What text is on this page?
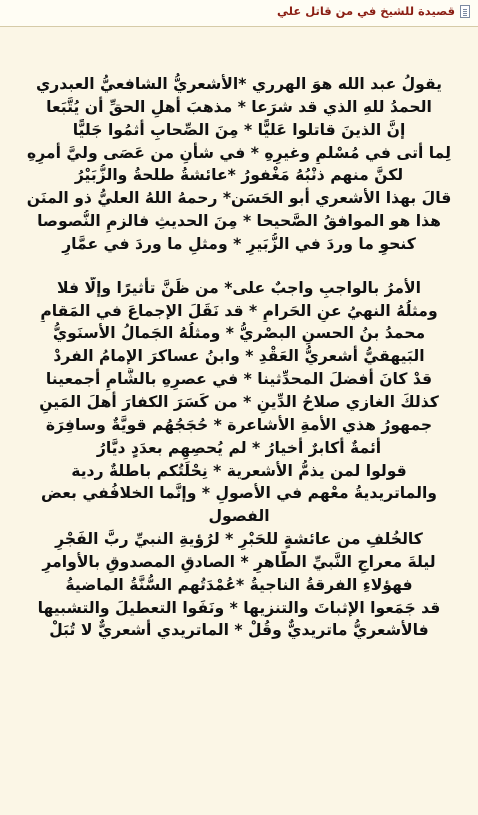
قصيدة للشيخ في من قاتل علي
يقولُ عبد الله هوَ الهرري *الأشعريُّ الشافعيُّ العبدري
الحمدُ للهِ الذي قد شرَعا * مذهبَ أهلِ الحقِّ أن يُتَّبَعا
إنَّ الذينَ قاتلوا عَليًّا * مِنَ الصِّحابِ أثمُوا جَليًّا
لِما أتى في مُسْلمٍ وغيرِهِ * في شأنِ من عَصَى وليَّ أمرِهِ
لكنَّ منهم ذنْبُهُ مَغْفورُ *عائشةُ طلحةُ والزُّبَيْرُ
قالَ بهذا الأشعري أبو الحَسَن* رحمهُ اللهُ العليُّ ذو المنَن
هذا هو الموافقُ الصَّحيحا * مِنَ الحديثِ فالزمِ النُّصوصا
كنحوِ ما وردَ في الزُّبَيرِ * ومثلِ ما وردَ في عمَّارِ
الأمرُ بالواجبِ واجبٌ على* من ظَنَّ تأثيرًا وإلَّا فلا
ومثلُهُ النهيُ عنِ الحَرامِ * قد نَقَلَ الإجماعَ في المَقامِ
محمدُ بنُ الحسنِ البصْريُّ * ومثلُهُ الجَمالُ الأسنَويُّ
البَيهقيُّ أشعريُّ العَقْدِ * وابنُ عساكرَ الإمامُ الفردْ
قدْ كانَ أفضلَ المحدِّثينا * في عصرِهِ بالشَّامِ أجمعينا
كذلكَ الغازي صلاحُ الدِّينِ * من كَسَرَ الكفارَ أهلَ المَينِ
جمهورُ هذي الأمةِ الأشاعرة * حُجَجُهُم قويَّةٌ وسافِرَة
أئمةٌ أكابرٌ أخيارُ * لم يُحصِهِم بعدَدٍ ديَّارُ
قولوا لمن يذمُّ الأشعرية * نِحْلَتُكم باطلةٌ ردية
والماتريديةُ معْهم في الأصولِ * وإنَّما الخلافُفي بعض
الفصول
كالخُلفِ من عائشةٍ للحَبْرِ * لرُؤيةِ النبيِّ ربَّ الفَجْرِ
ليلةَ معراجِ النَّبيِّ الطَّاهرِ * الصادقِ المصدوقِ بالأوامرِ
فهؤلاءِ الفرقةُ الناجيةُ *عُمْدَتُهم السُّنَّةُ الماضيةُ
قد جَمَعوا الإثباتَ والتنزيها * ونَفَوا التعطيلَ والتشبيها
فالأشعريُّ ماتريديٌّ وقُلْ * الماتريدي أشعريٌّ لا تُبَلْ
